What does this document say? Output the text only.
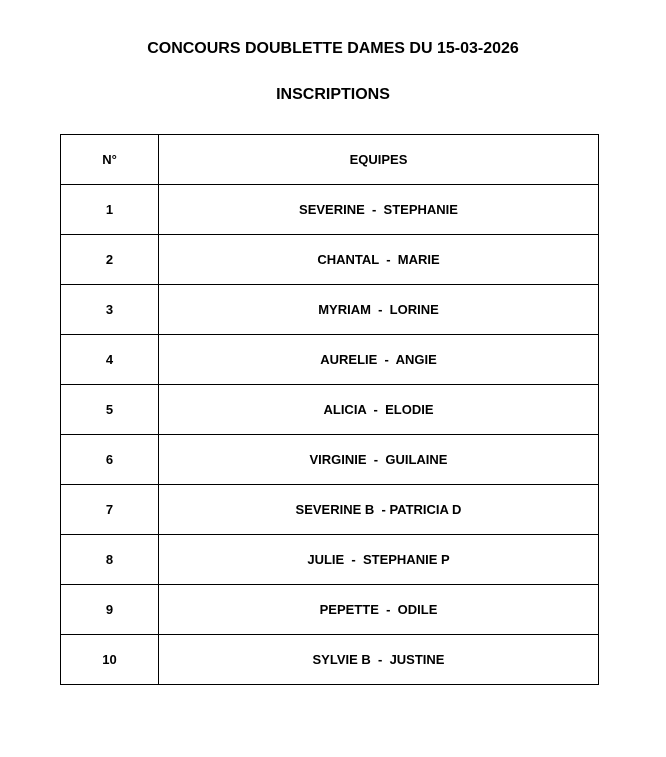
CONCOURS DOUBLETTE DAMES DU 15-03-2026
INSCRIPTIONS
N°	EQUIPES
1	SEVERINE  -  STEPHANIE
2	CHANTAL  -  MARIE
3	MYRIAM  -  LORINE
4	AURELIE  -  ANGIE
5	ALICIA  -  ELODIE
6	VIRGINIE  -  GUILAINE
7	SEVERINE B  - PATRICIA D
8	JULIE  -  STEPHANIE P
9	PEPETTE  -  ODILE
10	SYLVIE B  -  JUSTINE
